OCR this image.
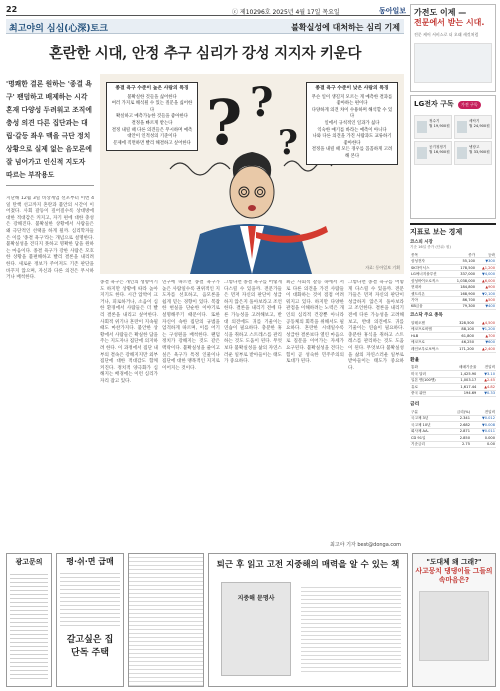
22	ⓒ 제10296호 2025년 4월 17일 목요일	동아일보
최고야의 심심(心深)토크	불확실성에 대처하는 심리 기제
혼란한 시대, 안정 추구 심리가 강성 지지자 키운다
'명쾌한 결론 원하는 '종결 욕구' 팬덤하고 배제하는 시각 혼재 다양성 두려워고 조직에 충성 의견 다른 집단과는 대립·갈등 좌우 맥을 극단 정치 상황으로 실제 없는 음모론에 잘 넘어가고 인신적 지도자 따르는 부작용도
? ?
?
종결 욕구 수준이 높은 사람의 특징
불확실한 것들을 싫어한다
여러 가지로 해석될 수 있는 질문을 싫어한다
확실하고 예측가능한 것들을 좋아한다
결정을 빠르게 받는다
결정 내릴 때 다른 의견들은 무시하며 예측 대안이 인적성의 기준이다
문제에 직면하면 빨리 해결하고 싶어한다
종결 욕구 수준이 낮은 사람의 특징
무슨 일이 생길지 모르는 게 예측한 결과를 좋아하는 편이다
다양하게 의견 차이 수용하며 해석할 수 있다
일에서 규칙적인 일과가 싫다
익숙한 얘기를 바라는 예측이 아니다
나와 다른 의견을 가진 사람과도 교류하기 좋아한다
결정을 내릴 때 모든 경우를 꼼꼼하게 고려해 본다
자료: 동아일보 기획
지난해 12월 3일 비상계엄 선포부터 이번 4일 탄핵 선고까지 혼란과 불안의 시간이 이어졌다. 사회 갈등이 깊어질수록 상대방에 대한 적대감은 커지고, 자기 편에 대한 충성은 강해진다. 불확실한 상황에서 사람들은 왜 극단적인 선택을 하게 될까. 심리학자들은 이를 '종결 욕구'라는 개념으로 설명한다. 불확실성을 견디지 못하고 명확한 답을 원하는 마음이다. 종결 욕구가 강한 사람은 모호한 상황을 불편해하고 빨리 결론을 내리려 한다. 새로운 정보가 주어져도 기존 판단을 바꾸지 않으며, 자신과 다른 의견은 무시하거나 배척한다.
종결 욕구는 개인의 성향이기도 하지만 상황에 따라 높아지기도 한다. 시간 압박이 크거나, 피로하거나, 소음이 심한 환경에서 사람들은 더 빨리 결론을 내리고 싶어한다. 사회적 위기나 혼란이 지속될 때도 마찬가지다. 불안한 상황에서 사람들은 확실한 답을 주는 지도자나 집단에 의지하려 한다. 이 과정에서 집단 내부의 결속은 강해지지만 외부 집단에 대한 적대감도 함께 커진다. 정치적 양극화가 심해지는 배경에는 이런 심리가 자리 잡고 있다.
연구에 따르면 종결 욕구가 높은 사람일수록 권위적인 지도자를 선호하고, 음모론을 쉽게 믿는 경향이 있다. 복잡한 현실을 단순한 이야기로 설명해주기 때문이다. 또한 자신이 속한 집단의 규범을 엄격하게 따르며, 이를 어기는 구성원을 배척한다. 팬덤 정치가 강해지는 것도 같은 맥락이다. 불확실성을 줄이고 싶은 욕구가 특정 인물이나 집단에 대한 맹목적인 지지로 이어지는 것이다.
그렇다면 종결 욕구를 어떻게 다스릴 수 있을까. 전문가들은 먼저 자신의 판단이 성급하지 않은지 돌아보라고 조언한다. 결론을 내리기 전에 다른 가능성을 고려해보고, 반대 의견에도 귀를 기울이는 연습이 필요하다. 충분한 휴식을 취하고 스트레스를 관리하는 것도 도움이 된다. 무엇보다 불확실성을 삶의 자연스러운 일부로 받아들이는 태도가 중요하다.
최근 사회적 갈등 속에서 서로 다른 의견을 가진 사람들이 대화하는 것이 점점 어려워지고 있다. 하지만 다양한 관점을 이해하려는 노력은 개인의 심리적 건강뿐 아니라 공동체의 회복을 위해서도 필요하다. 혼란한 시대일수록 성급한 결론보다 열린 마음으로 질문을 이어가는 자세가 요구된다. 불확실성을 견디는 힘이 곧 성숙한 민주주의의 토대가 된다.
그렇다면 종결 욕구를 어떻게 다스릴 수 있을까. 전문가들은 먼저 자신의 판단이 성급하지 않은지 돌아보라고 조언한다. 결론을 내리기 전에 다른 가능성을 고려해보고, 반대 의견에도 귀를 기울이는 연습이 필요하다. 충분한 휴식을 취하고 스트레스를 관리하는 것도 도움이 된다. 무엇보다 불확실성을 삶의 자연스러운 일부로 받아들이는 태도가 중요하다.
최고야 기자 best@donga.com
가전도 이제 —
전문에서 받는 시대.
전문 케어 서비스로 더 오래 새것처럼
LG전자 구독 가전 구독
정수기
월 19,900원
세탁기
월 24,900원
공기청정기
월 16,900원
냉장고
월 33,900원
지표로 보는 경제
코스피 시장
기준 16일 종가 (단위: 원)
종목	종가	등락
삼성전자	55,100	▼300
SK하이닉스	178,500	▲1,200
LG에너지솔루션	337,000	▼4,000
삼성바이오로직스	1,038,000	▲6,000
현대차	184,800	▲900
셀트리온	168,900	▼2,100
기아	86,700	▲500
KB금융	79,300	▼400
코스닥 주요 종목
알테오젠	328,500	▲4,500
에코프로비엠	88,100	▼1,200
HLB	61,800	▲700
에코프로	46,250	▼600
레인보우로보틱스	171,200	▲2,400
환율
통화	매매기준율	전일비
미국 달러	1,425.90	▼3.10
일본 엔(100엔)	1,003.17	▲2.45
유로	1,617.44	▲4.82
중국 위안	194.69	▼0.33
금리
구분	금리(%)	전일비
국고채 3년	2.341	▼0.012
국고채 10년	2.682	▼0.008
회사채 AA-	2.871	▼0.011
CD 91일	2.850	0.000
기준금리	2.75	0.00
광고문의	평·쉬·면 급매
갈고싶은 집
단독 주택
퇴근 후 읽고 고전 지중해의 매력을 알 수 있는 책
지중해 문명사
"도대체 왜 그래?"
사고뭉치 댕댕이들 그들의 속마음은?
